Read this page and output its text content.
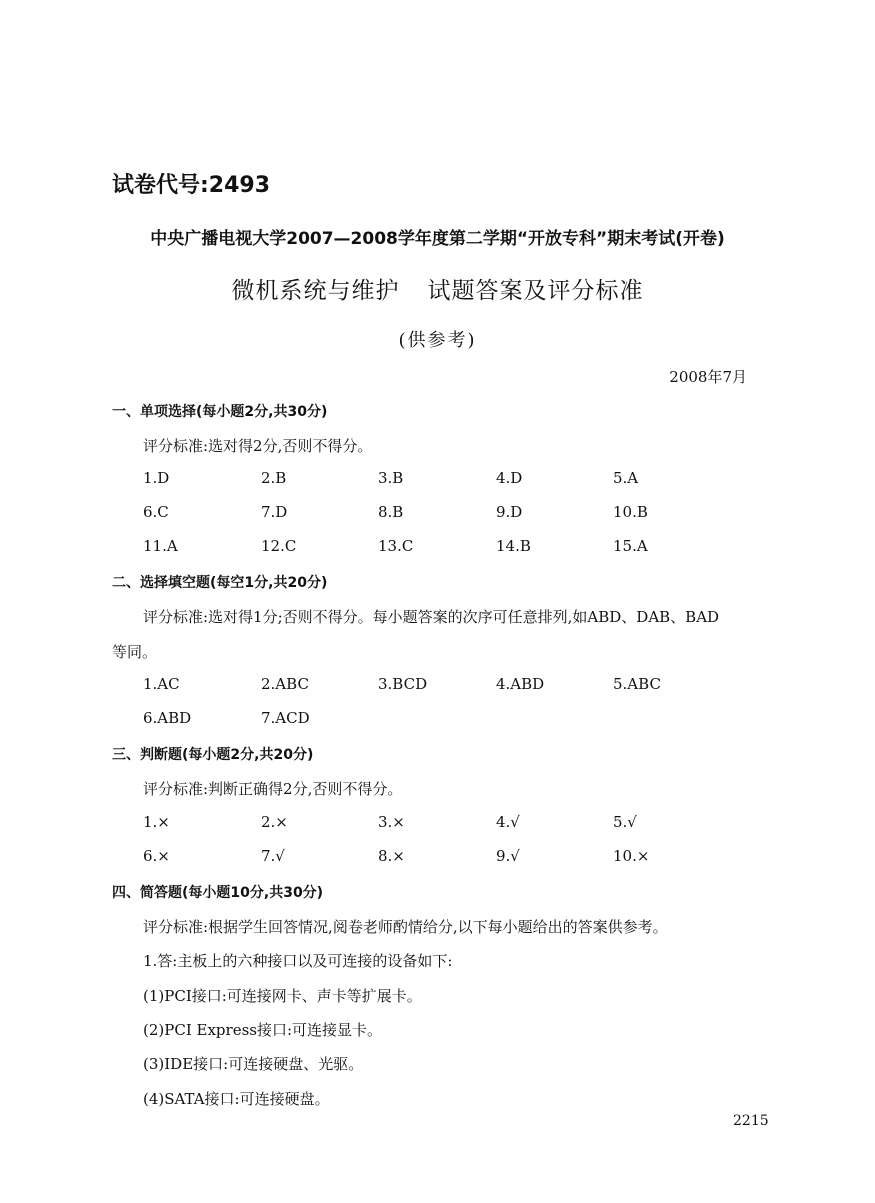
试卷代号:2493
中央广播电视大学2007—2008学年度第二学期“开放专科”期末考试(开卷)
微机系统与维护 试题答案及评分标准
(供参考)
2008年7月
一、单项选择(每小题2分,共30分)
评分标准:选对得2分,否则不得分。
1.D	2.B	3.B	4.D	5.A
6.C	7.D	8.B	9.D	10.B
11.A	12.C	13.C	14.B	15.A
二、选择填空题(每空1分,共20分)
评分标准:选对得1分;否则不得分。每小题答案的次序可任意排列,如ABD、DAB、BAD
等同。
1.AC	2.ABC	3.BCD	4.ABD	5.ABC
6.ABD	7.ACD
三、判断题(每小题2分,共20分)
评分标准:判断正确得2分,否则不得分。
1.×	2.×	3.×	4.√	5.√
6.×	7.√	8.×	9.√	10.×
四、简答题(每小题10分,共30分)
评分标准:根据学生回答情况,阅卷老师酌情给分,以下每小题给出的答案供参考。
1.答:主板上的六种接口以及可连接的设备如下:
(1)PCI接口:可连接网卡、声卡等扩展卡。
(2)PCI Express接口:可连接显卡。
(3)IDE接口:可连接硬盘、光驱。
(4)SATA接口:可连接硬盘。
2215
